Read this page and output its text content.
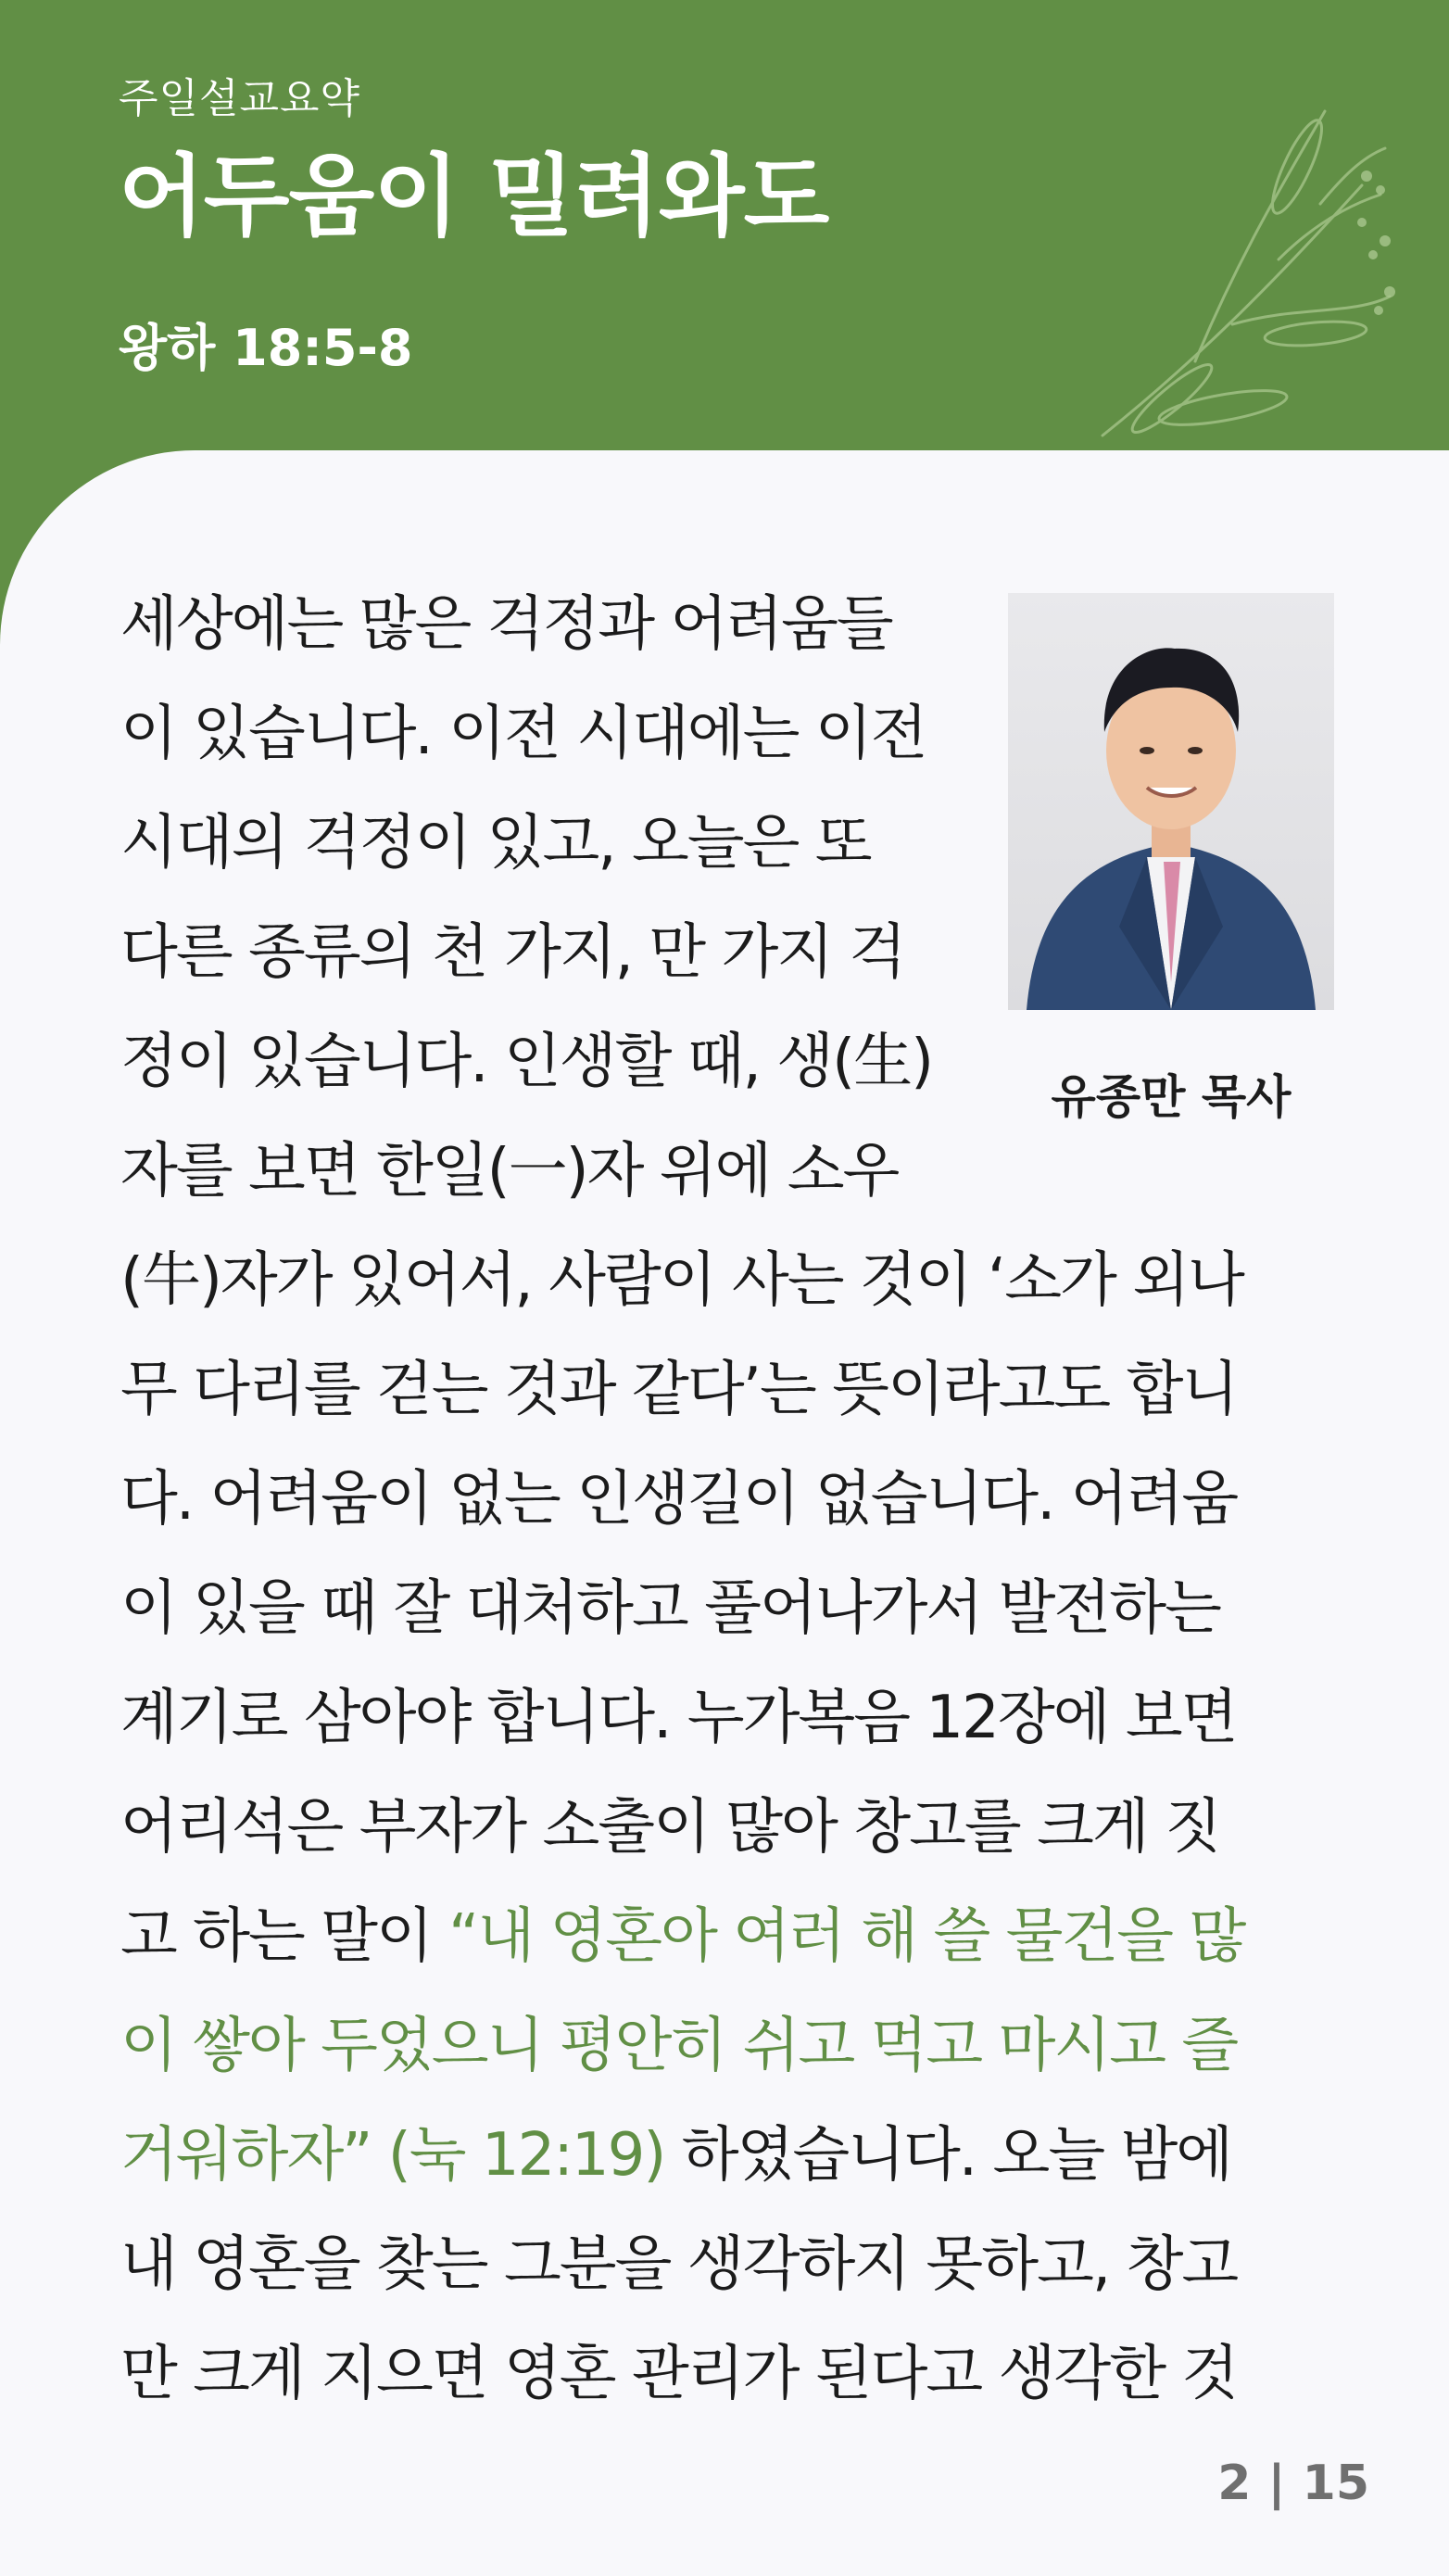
주일설교요약
어두움이 밀려와도
왕하 18:5-8
유종만 목사
세상에는 많은 걱정과 어려움들
이 있습니다. 이전 시대에는 이전
시대의 걱정이 있고, 오늘은 또
다른 종류의 천 가지, 만 가지 걱
정이 있습니다. 인생할 때, 생(生)
자를 보면 한일(一)자 위에 소우
(牛)자가 있어서, 사람이 사는 것이 ‘소가 외나
무 다리를 걷는 것과 같다’는 뜻이라고도 합니
다. 어려움이 없는 인생길이 없습니다. 어려움
이 있을 때 잘 대처하고 풀어나가서 발전하는
계기로 삼아야 합니다. 누가복음 12장에 보면
어리석은 부자가 소출이 많아 창고를 크게 짓
고 하는 말이 “내 영혼아 여러 해 쓸 물건을 많
이 쌓아 두었으니 평안히 쉬고 먹고 마시고 즐
거워하자” (눅 12:19) 하였습니다. 오늘 밤에
내 영혼을 찾는 그분을 생각하지 못하고, 창고
만 크게 지으면 영혼 관리가 된다고 생각한 것
2 | 15
